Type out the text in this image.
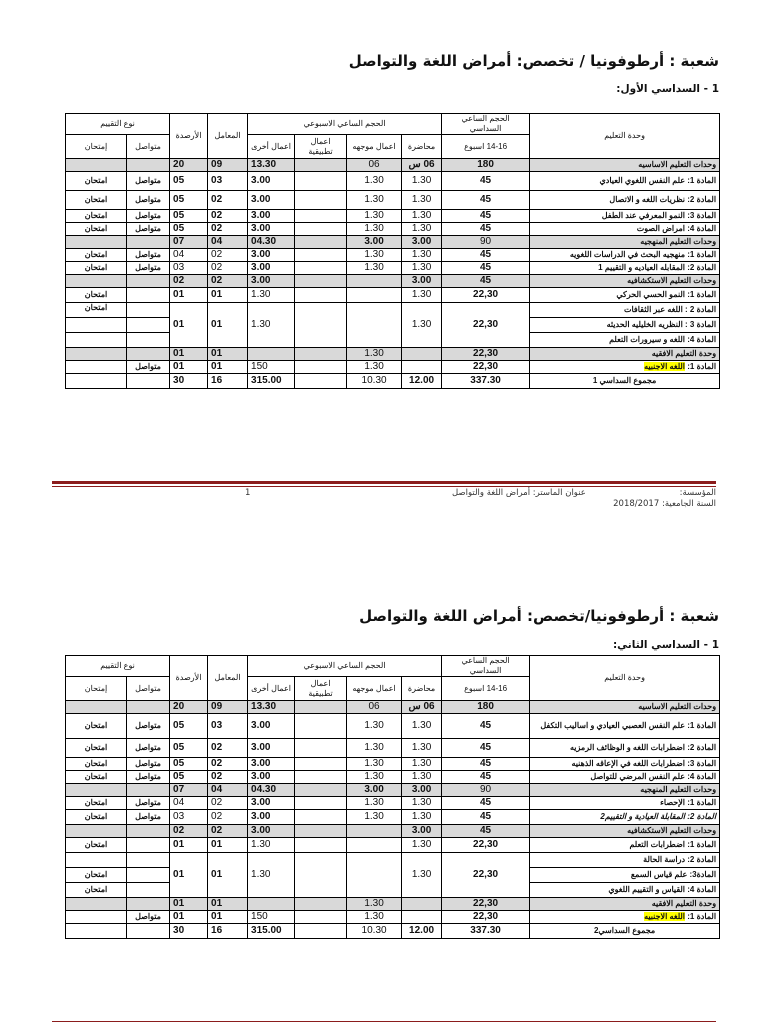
شعبة : أرطوفونيا / تخصص: أمراض اللغة والتواصل
1 - السداسي الأول:
وحدة التعليم	الحجم الساعي السداسي	الحجم الساعي الاسبوعي				المعامل	الأرصدة	نوع التقييم	
	14-16 اسبوع	محاضرة	اعمال موجهه	اعمال تطبيقية	اعمال أخرى			متواصل	إمتحان
وحدات التعليم الاساسيه	180	06 س	06		13.30	09	20		
المادة 1: علم النفس اللغوي العيادي	45	1.30	1.30		3.00	03	05	متواصل	امتحان
المادة 2: نظريات اللغه و الاتصال	45	1.30	1.30		3.00	02	05	متواصل	امتحان
المادة 3: النمو المعرفي عند الطفل	45	1.30	1.30		3.00	02	05	متواصل	امتحان
المادة 4: امراض الصوت	45	1.30	1.30		3.00	02	05	متواصل	امتحان
وحدات التعليم المنهجيه	90	3.00	3.00		04.30	04	07		
المادة 1: منهجيه البحث في الدراسات اللغويه	45	1.30	1.30		3.00	02	04	متواصل	امتحان
المادة 2: المقابله العياديه و التقييم 1	45	1.30	1.30		3.00	02	03	متواصل	امتحان
وحدات التعليم الاستكشافيه	45	3.00			3.00	02	02		
المادة 1: النمو الحسي الحركي	22,30	1.30			1.30	01	01		امتحان
المادة 2 : اللغه عبر الثقافات	22,30	1.30			1.30	01	01		امتحان
المادة 3 : النظريه الخليليه الحديثه									
المادة 4: اللغه و سيرورات التعلم									
وحدة التعليم الافقيه	22,30		1.30			01	01		
المادة 1: اللغه الاجنبيه	22,30		1.30		150	01	01	متواصل	
مجموع السداسي 1	337.30	12.00	10.30		315.00	16	30		
المؤسسة:
السنة الجامعية: 2018/2017
عنوان الماستر: أمراض اللغة والتواصل
1
شعبة : أرطوفونيا/تخصص: أمراض اللغة والتواصل
1 - السداسي الثاني:
وحدة التعليم	الحجم الساعي السداسي	الحجم الساعي الاسبوعي				المعامل	الأرصدة	نوع التقييم	
	14-16 اسبوع	محاضرة	اعمال موجهه	اعمال تطبيقية	اعمال أخرى			متواصل	إمتحان
وحدات التعليم الاساسيه	180	06 س	06		13.30	09	20		
المادة 1: علم النفس العصبي العيادي و اساليب التكفل	45	1.30	1.30		3.00	03	05	متواصل	امتحان
المادة 2: اضطرابات اللغه و الوظائف الرمزيه	45	1.30	1.30		3.00	02	05	متواصل	امتحان
المادة 3: اضطرابات اللغه في الإعاقه الذهنيه	45	1.30	1.30		3.00	02	05	متواصل	امتحان
المادة 4: علم النفس المرضي للتواصل	45	1.30	1.30		3.00	02	05	متواصل	امتحان
وحدات التعليم المنهجيه	90	3.00	3.00		04.30	04	07		
المادة 1: الإحصاء	45	1.30	1.30		3.00	02	04	متواصل	امتحان
المادة 2: المقابلة العيادية و التقييم2	45	1.30	1.30		3.00	02	03	متواصل	امتحان
وحدات التعليم الاستكشافيه	45	3.00			3.00	02	02		
المادة 1: اضطرابات التعلم	22,30	1.30			1.30	01	01		امتحان
المادة 2: دراسة الحالة	22,30	1.30			1.30	01	01		
المادة3: علم قياس السمع									امتحان
المادة 4: القياس و التقييم اللغوي									امتحان
وحدة التعليم الافقيه	22,30		1.30			01	01		
المادة 1: اللغه الاجنبيه	22,30		1.30		150	01	01	متواصل	
مجموع السداسي2	337.30	12.00	10.30		315.00	16	30		
